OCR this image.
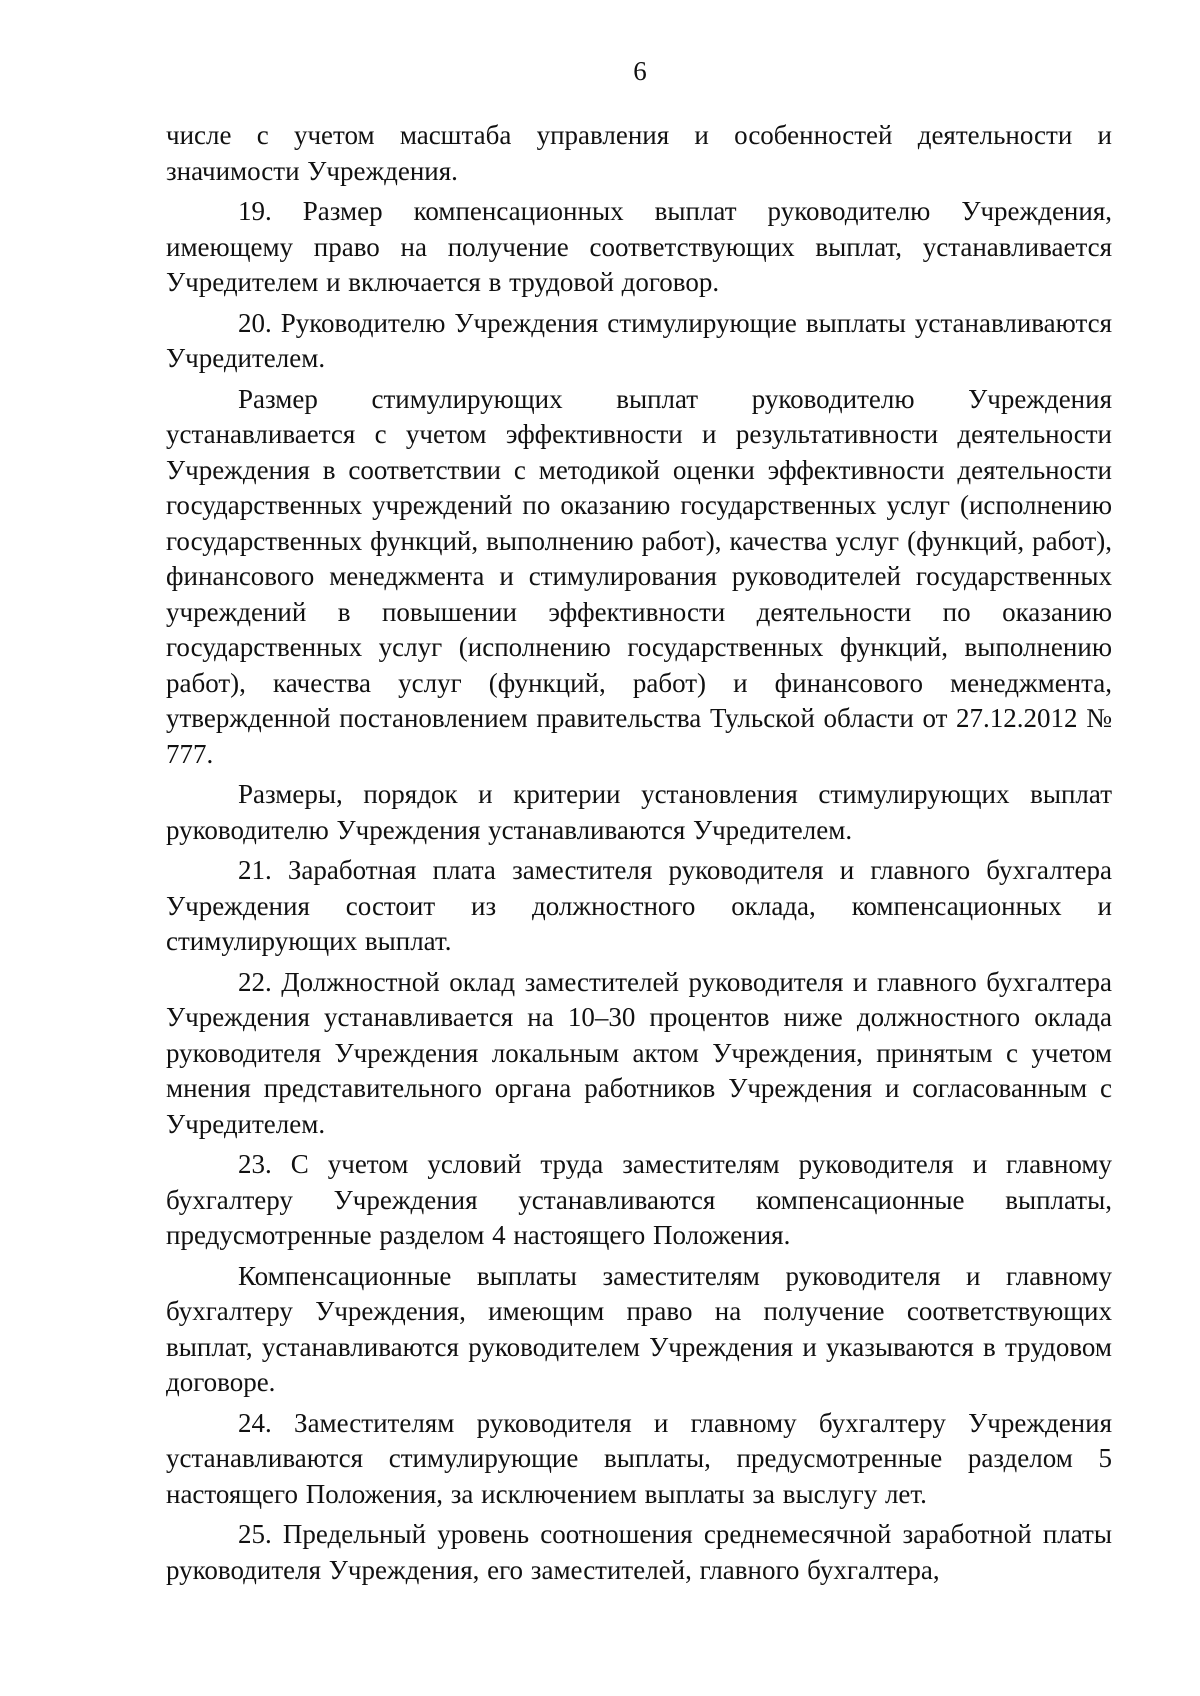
6

числе с учетом масштаба управления и особенностей деятельности и значимости Учреждения.

19. Размер компенсационных выплат руководителю Учреждения, имеющему право на получение соответствующих выплат, устанавливается Учредителем и включается в трудовой договор.

20. Руководителю Учреждения стимулирующие выплаты устанавливаются Учредителем.

Размер стимулирующих выплат руководителю Учреждения устанавливается с учетом эффективности и результативности деятельности Учреждения в соответствии с методикой оценки эффективности деятельности государственных учреждений по оказанию государственных услуг (исполнению государственных функций, выполнению работ), качества услуг (функций, работ), финансового менеджмента и стимулирования руководителей государственных учреждений в повышении эффективности деятельности по оказанию государственных услуг (исполнению государственных функций, выполнению работ), качества услуг (функций, работ) и финансового менеджмента, утвержденной постановлением правительства Тульской области от 27.12.2012 № 777.

Размеры, порядок и критерии установления стимулирующих выплат руководителю Учреждения устанавливаются Учредителем.

21. Заработная плата заместителя руководителя и главного бухгалтера Учреждения состоит из должностного оклада, компенсационных и стимулирующих выплат.

22. Должностной оклад заместителей руководителя и главного бухгалтера Учреждения устанавливается на 10–30 процентов ниже должностного оклада руководителя Учреждения локальным актом Учреждения, принятым с учетом мнения представительного органа работников Учреждения и согласованным с Учредителем.

23. С учетом условий труда заместителям руководителя и главному бухгалтеру Учреждения устанавливаются компенсационные выплаты, предусмотренные разделом 4 настоящего Положения.

Компенсационные выплаты заместителям руководителя и главному бухгалтеру Учреждения, имеющим право на получение соответствующих выплат, устанавливаются руководителем Учреждения и указываются в трудовом договоре.

24. Заместителям руководителя и главному бухгалтеру Учреждения устанавливаются стимулирующие выплаты, предусмотренные разделом 5 настоящего Положения, за исключением выплаты за выслугу лет.

25. Предельный уровень соотношения среднемесячной заработной платы руководителя Учреждения, его заместителей, главного бухгалтера,
